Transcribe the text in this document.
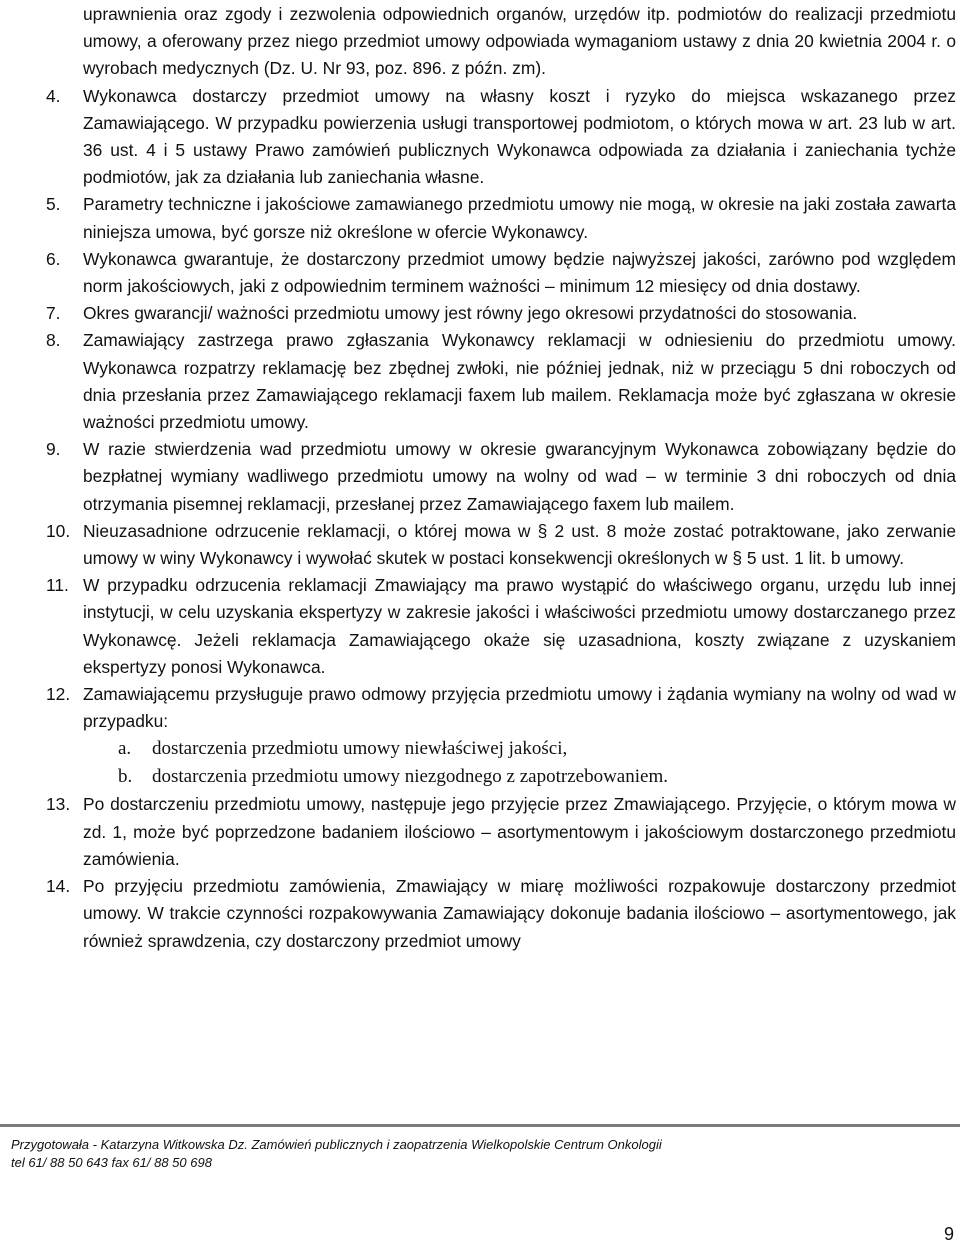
uprawnienia oraz zgody i zezwolenia odpowiednich organów, urzędów itp. podmiotów do realizacji przedmiotu umowy, a oferowany przez niego przedmiot umowy odpowiada wymaganiom ustawy z dnia 20 kwietnia 2004 r. o wyrobach medycznych (Dz. U. Nr 93, poz. 896. z późn. zm).
4.	Wykonawca dostarczy przedmiot umowy na własny koszt i ryzyko do miejsca wskazanego przez Zamawiającego. W przypadku powierzenia usługi transportowej podmiotom, o których mowa w art. 23 lub w art. 36 ust. 4 i 5 ustawy Prawo zamówień publicznych Wykonawca odpowiada za działania i zaniechania tychże podmiotów, jak za działania lub zaniechania własne.
5.	Parametry techniczne i jakościowe zamawianego przedmiotu umowy nie mogą, w okresie na jaki została zawarta niniejsza umowa, być gorsze niż określone w ofercie Wykonawcy.
6.	Wykonawca gwarantuje, że dostarczony przedmiot umowy będzie najwyższej jakości, zarówno pod względem norm jakościowych, jaki z odpowiednim terminem ważności – minimum 12 miesięcy od dnia dostawy.
7.	Okres gwarancji/ ważności przedmiotu umowy jest równy jego okresowi przydatności do stosowania.
8.	Zamawiający zastrzega prawo zgłaszania Wykonawcy reklamacji w odniesieniu do przedmiotu umowy. Wykonawca rozpatrzy reklamację bez zbędnej zwłoki, nie później jednak, niż w przeciągu 5 dni roboczych od dnia przesłania przez Zamawiającego reklamacji faxem lub mailem. Reklamacja może być zgłaszana w okresie ważności przedmiotu umowy.
9.	W razie stwierdzenia wad przedmiotu umowy w okresie gwarancyjnym Wykonawca zobowiązany będzie do bezpłatnej wymiany wadliwego przedmiotu umowy na wolny od wad – w terminie 3 dni roboczych od dnia otrzymania pisemnej reklamacji, przesłanej przez Zamawiającego faxem lub mailem.
10. Nieuzasadnione odrzucenie reklamacji, o której mowa w § 2 ust. 8 może zostać potraktowane, jako zerwanie umowy w winy Wykonawcy i wywołać skutek w postaci konsekwencji określonych w § 5 ust. 1 lit. b umowy.
11. W przypadku odrzucenia reklamacji Zmawiający ma prawo wystąpić do właściwego organu, urzędu lub innej instytucji, w celu uzyskania ekspertyzy w zakresie jakości i właściwości przedmiotu umowy dostarczanego przez Wykonawcę. Jeżeli reklamacja Zamawiającego okaże się uzasadniona, koszty związane z uzyskaniem ekspertyzy ponosi Wykonawca.
12. Zamawiającemu przysługuje prawo odmowy przyjęcia przedmiotu umowy i żądania wymiany na wolny od wad w przypadku:
a.	dostarczenia przedmiotu umowy niewłaściwej jakości,
b.	dostarczenia przedmiotu umowy niezgodnego z zapotrzebowaniem.
13. Po dostarczeniu przedmiotu umowy, następuje jego przyjęcie przez Zmawiającego. Przyjęcie, o którym mowa w zd. 1, może być poprzedzone badaniem ilościowo – asortymentowym i jakościowym dostarczonego przedmiotu zamówienia.
14. Po przyjęciu przedmiotu zamówienia, Zmawiający w miarę możliwości rozpakowuje dostarczony przedmiot umowy. W trakcie czynności rozpakowywania Zamawiający dokonuje badania ilościowo – asortymentowego, jak również sprawdzenia, czy dostarczony przedmiot umowy
Przygotowała - Katarzyna Witkowska Dz. Zamówień publicznych i zaopatrzenia Wielkopolskie Centrum Onkologii
tel 61/ 88 50 643 fax 61/ 88 50 698
9
